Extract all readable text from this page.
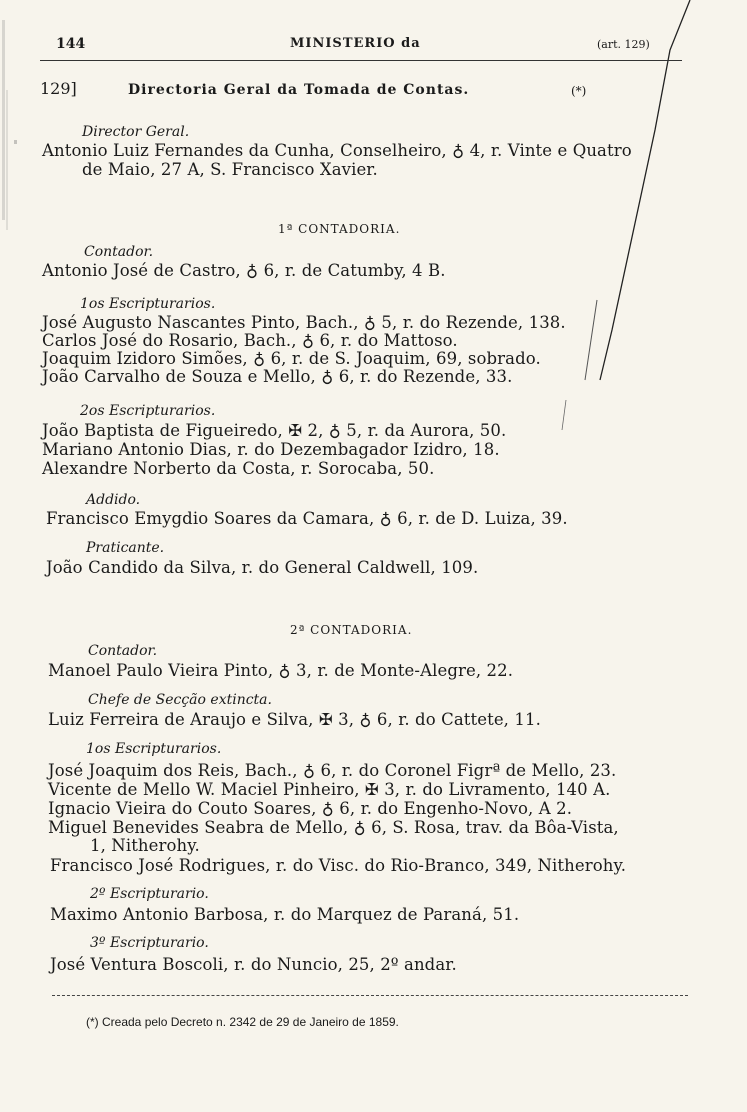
144	MINISTERIO da	(art. 129)
129]	Directoria Geral da Tomada de Contas.	(*)
Director Geral.
Antonio Luiz Fernandes da Cunha, Conselheiro, ♁ 4, r. Vinte e Quatro
de Maio, 27 A, S. Francisco Xavier.
1ª CONTADORIA.
Contador.
Antonio José de Castro, ♁ 6, r. de Catumby, 4 B.
1os Escripturarios.
José Augusto Nascantes Pinto, Bach., ♁ 5, r. do Rezende, 138.
Carlos José do Rosario, Bach., ♁ 6, r. do Mattoso.
Joaquim Izidoro Simões, ♁ 6, r. de S. Joaquim, 69, sobrado.
João Carvalho de Souza e Mello, ♁ 6, r. do Rezende, 33.
2os Escripturarios.
João Baptista de Figueiredo, ✠ 2, ♁ 5, r. da Aurora, 50.
Mariano Antonio Dias, r. do Dezembagador Izidro, 18.
Alexandre Norberto da Costa, r. Sorocaba, 50.
Addido.
Francisco Emygdio Soares da Camara, ♁ 6, r. de D. Luiza, 39.
Praticante.
João Candido da Silva, r. do General Caldwell, 109.
2ª CONTADORIA.
Contador.
Manoel Paulo Vieira Pinto, ♁ 3, r. de Monte-Alegre, 22.
Chefe de Secção extincta.
Luiz Ferreira de Araujo e Silva, ✠ 3, ♁ 6, r. do Cattete, 11.
1os Escripturarios.
José Joaquim dos Reis, Bach., ♁ 6, r. do Coronel Figrª de Mello, 23.
Vicente de Mello W. Maciel Pinheiro, ✠ 3, r. do Livramento, 140 A.
Ignacio Vieira do Couto Soares, ♁ 6, r. do Engenho-Novo, A 2.
Miguel Benevides Seabra de Mello, ♁ 6, S. Rosa, trav. da Bôa-Vista,
1, Nitherohy.
Francisco José Rodrigues, r. do Visc. do Rio-Branco, 349, Nitherohy.
2º Escripturario.
Maximo Antonio Barbosa, r. do Marquez de Paraná, 51.
3º Escripturario.
José Ventura Boscoli, r. do Nuncio, 25, 2º andar.
(*) Creada pelo Decreto n. 2342 de 29 de Janeiro de 1859.
